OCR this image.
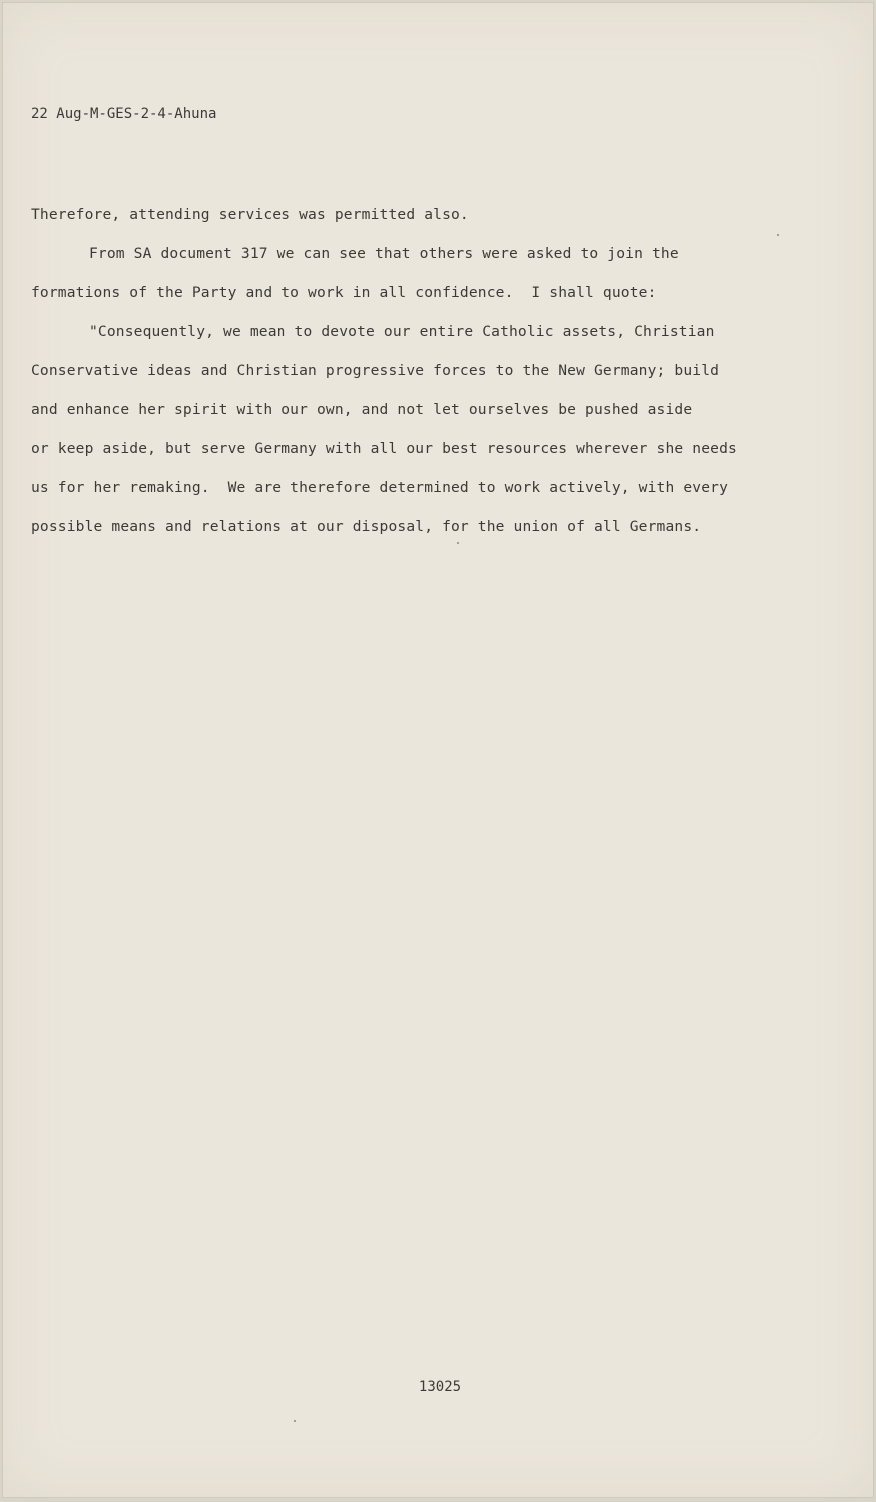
22 Aug-M-GES-2-4-Ahuna
Therefore, attending services was permitted also.
From SA document 317 we can see that others were asked to join the
formations of the Party and to work in all confidence.  I shall quote:
"Consequently, we mean to devote our entire Catholic assets, Christian
Conservative ideas and Christian progressive forces to the New Germany; build
and enhance her spirit with our own, and not let ourselves be pushed aside
or keep aside, but serve Germany with all our best resources wherever she needs
us for her remaking.  We are therefore determined to work actively, with every
possible means and relations at our disposal, for the union of all Germans.
13025
